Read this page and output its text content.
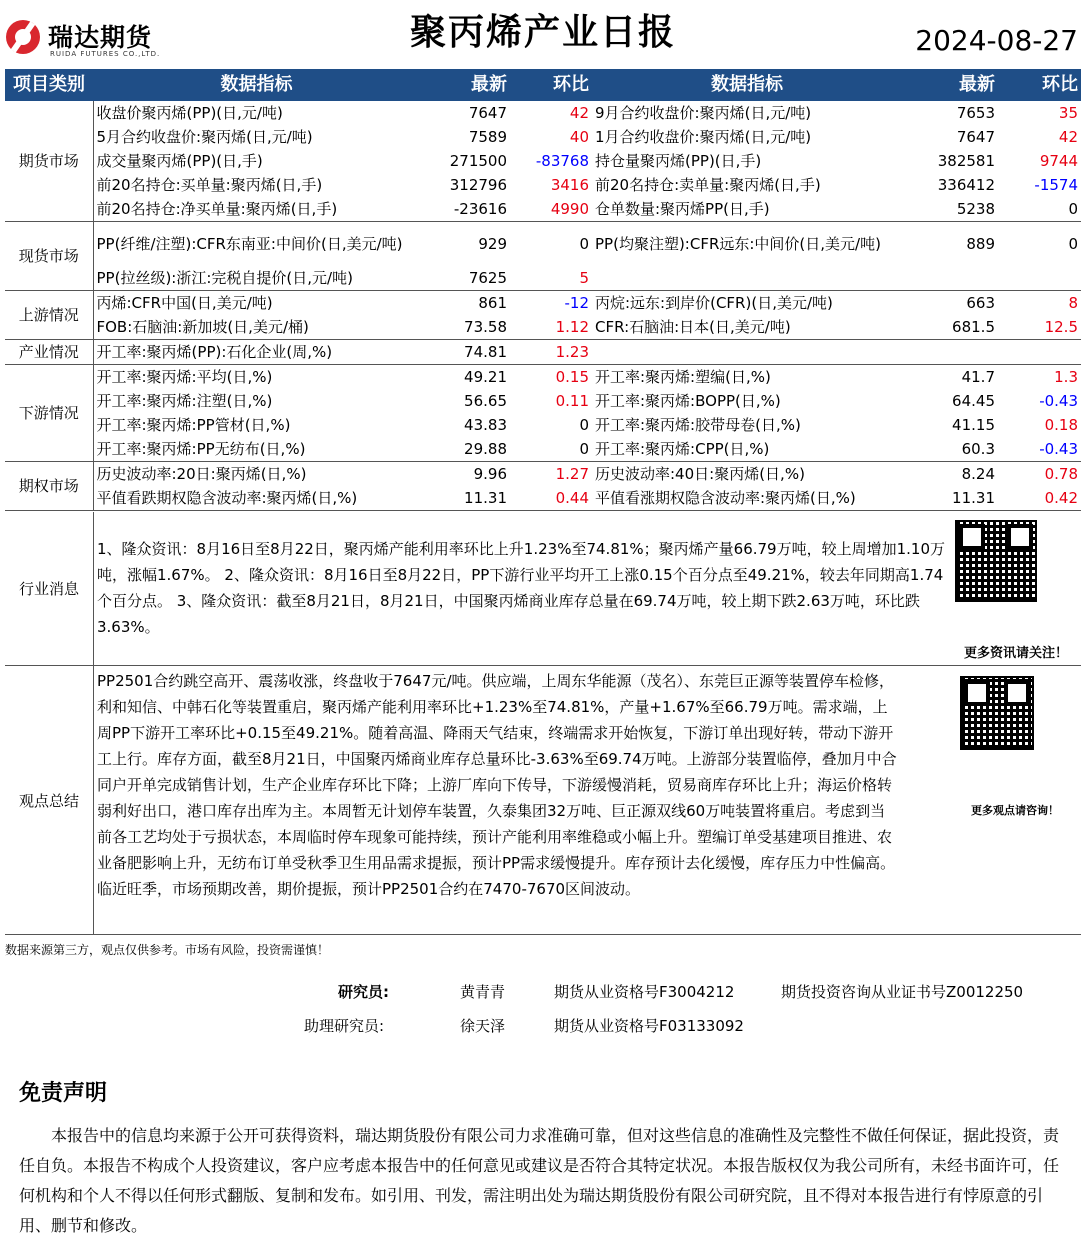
瑞达期货
RUIDA FUTURES CO.,LTD.
聚丙烯产业日报	2024-08-27
项目类别	数据指标	最新	环比	数据指标	最新	环比
期货市场	收盘价聚丙烯(PP)(日,元/吨)	7647	42	9月合约收盘价:聚丙烯(日,元/吨)	7653	35
	5月合约收盘价:聚丙烯(日,元/吨)	7589	40	1月合约收盘价:聚丙烯(日,元/吨)	7647	42
	成交量聚丙烯(PP)(日,手)	271500	-83768	持仓量聚丙烯(PP)(日,手)	382581	9744
	前20名持仓:买单量:聚丙烯(日,手)	312796	3416	前20名持仓:卖单量:聚丙烯(日,手)	336412	-1574
	前20名持仓:净买单量:聚丙烯(日,手)	-23616	4990	仓单数量:聚丙烯PP(日,手)	5238	0
现货市场	PP(纤维/注塑):CFR东南亚:中间价(日,美元/吨)	929	0	PP(均聚注塑):CFR远东:中间价(日,美元/吨)	889	0
	PP(拉丝级):浙江:完税自提价(日,元/吨)	7625	5			
上游情况	丙烯:CFR中国(日,美元/吨)	861	-12	丙烷:远东:到岸价(CFR)(日,美元/吨)	663	8
	FOB:石脑油:新加坡(日,美元/桶)	73.58	1.12	CFR:石脑油:日本(日,美元/吨)	681.5	12.5
产业情况	开工率:聚丙烯(PP):石化企业(周,%)	74.81	1.23			
下游情况	开工率:聚丙烯:平均(日,%)	49.21	0.15	开工率:聚丙烯:塑编(日,%)	41.7	1.3
	开工率:聚丙烯:注塑(日,%)	56.65	0.11	开工率:聚丙烯:BOPP(日,%)	64.45	-0.43
	开工率:聚丙烯:PP管材(日,%)	43.83	0	开工率:聚丙烯:胶带母卷(日,%)	41.15	0.18
	开工率:聚丙烯:PP无纺布(日,%)	29.88	0	开工率:聚丙烯:CPP(日,%)	60.3	-0.43
期权市场	历史波动率:20日:聚丙烯(日,%)	9.96	1.27	历史波动率:40日:聚丙烯(日,%)	8.24	0.78
	平值看跌期权隐含波动率:聚丙烯(日,%)	11.31	0.44	平值看涨期权隐含波动率:聚丙烯(日,%)	11.31	0.42
行业消息
1、隆众资讯：8月16日至8月22日，聚丙烯产能利用率环比上升1.23%至74.81%；聚丙烯产量66.79万吨，较上周增加1.10万吨，涨幅1.67%。 2、隆众资讯：8月16日至8月22日，PP下游行业平均开工上涨0.15个百分点至49.21%，较去年同期高1.74个百分点。 3、隆众资讯：截至8月21日，8月21日，中国聚丙烯商业库存总量在69.74万吨，较上期下跌2.63万吨，环比跌3.63%。
更多资讯请关注！
观点总结
PP2501合约跳空高开、震荡收涨，终盘收于7647元/吨。供应端，上周东华能源（茂名）、东莞巨正源等装置停车检修，利和知信、中韩石化等装置重启，聚丙烯产能利用率环比+1.23%至74.81%，产量+1.67%至66.79万吨。需求端，上周PP下游开工率环比+0.15至49.21%。随着高温、降雨天气结束，终端需求开始恢复，下游订单出现好转，带动下游开工上行。库存方面，截至8月21日，中国聚丙烯商业库存总量环比-3.63%至69.74万吨。上游部分装置临停，叠加月中合同户开单完成销售计划，生产企业库存环比下降；上游厂库向下传导，下游缓慢消耗，贸易商库存环比上升；海运价格转弱利好出口，港口库存出库为主。本周暂无计划停车装置，久泰集团32万吨、巨正源双线60万吨装置将重启。考虑到当前各工艺均处于亏损状态，本周临时停车现象可能持续，预计产能利用率维稳或小幅上升。塑编订单受基建项目推进、农业备肥影响上升，无纺布订单受秋季卫生用品需求提振，预计PP需求缓慢提升。库存预计去化缓慢，库存压力中性偏高。临近旺季，市场预期改善，期价提振，预计PP2501合约在7470-7670区间波动。
更多观点请咨询！
数据来源第三方，观点仅供参考。市场有风险，投资需谨慎！
研究员:	黄青青	期货从业资格号F3004212	期货投资咨询从业证书号Z0012250
助理研究员:	徐天泽	期货从业资格号F03133092
免责声明
本报告中的信息均来源于公开可获得资料，瑞达期货股份有限公司力求准确可靠，但对这些信息的准确性及完整性不做任何保证，据此投资，责任自负。本报告不构成个人投资建议，客户应考虑本报告中的任何意见或建议是否符合其特定状况。本报告版权仅为我公司所有，未经书面许可，任何机构和个人不得以任何形式翻版、复制和发布。如引用、刊发，需注明出处为瑞达期货股份有限公司研究院，且不得对本报告进行有悖原意的引用、删节和修改。
